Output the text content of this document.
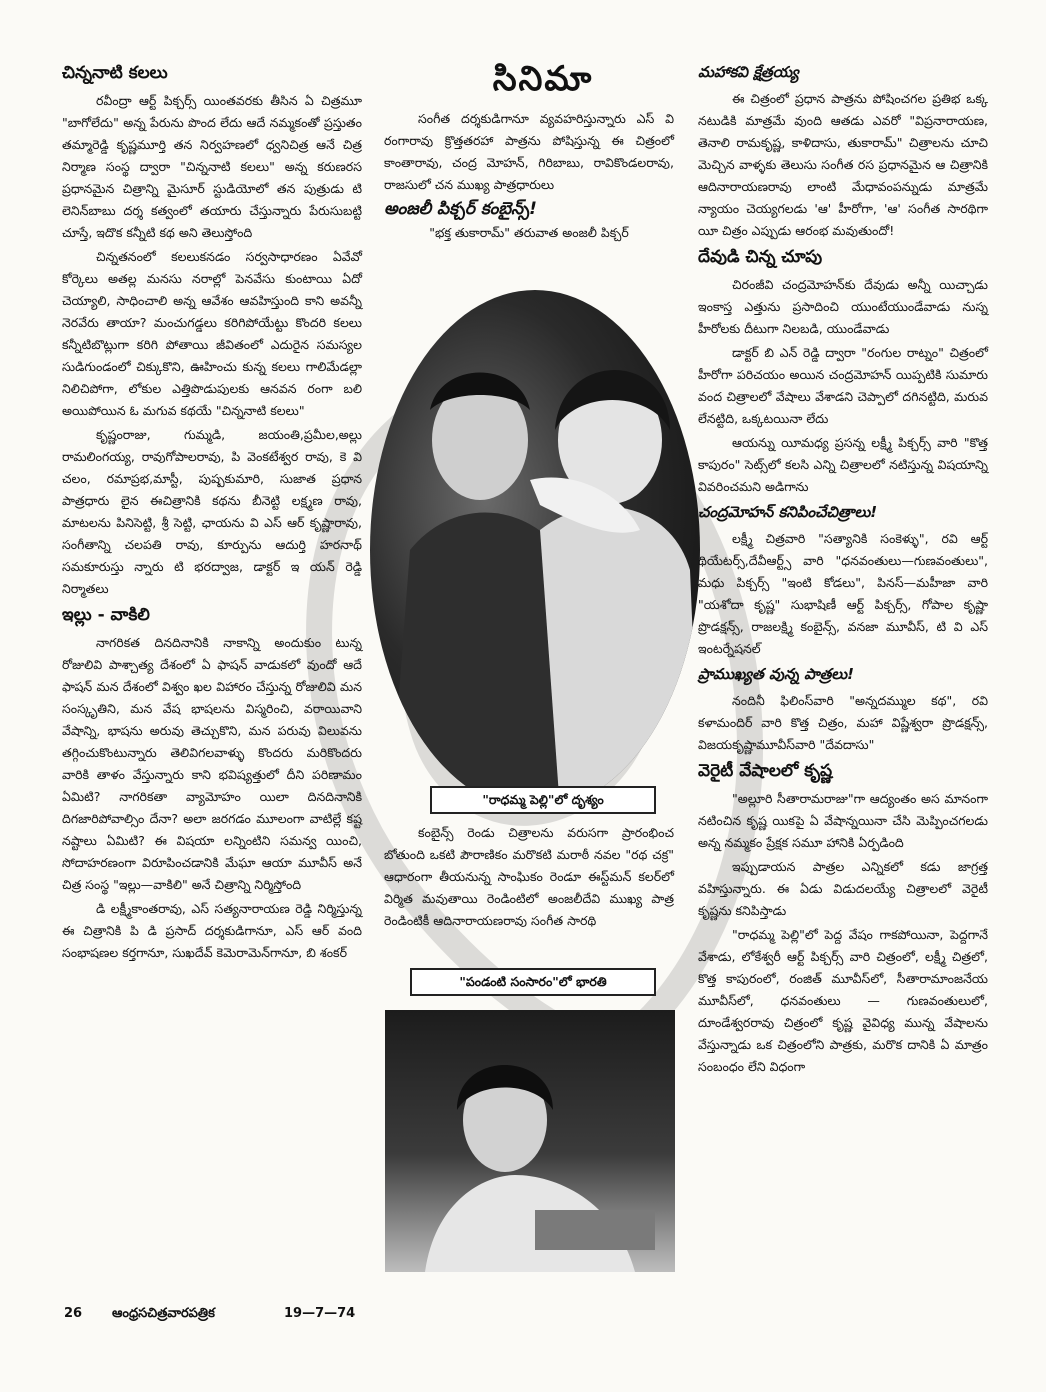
చిన్ననాటి కలలు

రవీంద్రా ఆర్ట్ పిక్చర్స్ యింతవరకు తీసిన ఏ చిత్రమూ "బాగోలేదు" అన్న పేరును పొంద లేదు ఆదే నమ్మకంతో ప్రస్తుతం తమ్మారెడ్డి కృష్ణమూర్తి తన నిర్వహణలో ధ్వనిచిత్ర ఆనే చిత్ర నిర్మాణ సంస్థ ద్వారా "చిన్ననాటి కలలు" అన్న కరుణరస ప్రధానమైన చిత్రాన్ని మైసూర్ స్టుడియోలో తన పుత్రుడు టి లెనిన్‌బాబు దర్శ కత్వంలో తయారు చేస్తున్నారు పేరుసుబట్టి చూస్తే, ఇదొక కన్నీటి కథ అని తెలుస్తోంది

చిన్నతనంలో కలలుకనడం సర్వసాధారణం ఏవేవో కోర్కెలు అతల్ల మనసు నరాల్లో పెనవేసు కుంటాయి ఏదో చెయ్యాలి, సాధించాలి అన్న ఆవేశం ఆవహిస్తుంది కాని అవన్నీ నెరవేరు తాయా? మంచుగడ్డలు కరిగిపోయేట్టు కొందరి కలలు కన్నీటిబొట్లుగా కరిగి పోతాయి జీవితంలో ఎదురైన సమస్యల సుడిగుండంలో చిక్కుకొని, ఊహించు కున్న కలలు గాలిమేడల్లా నిలిచిపోగా, లోకుల ఎత్తిపొడుపులకు ఆనవన రంగా బలి అయిపోయిన ఓ మగువ కథయే "చిన్ననాటి కలలు"

కృష్ణంరాజు, గుమ్మడి, జయంతి,ప్రమీల,అల్లు రామలింగయ్య, రావుగోపాలరావు, పి వెంకటేశ్వర రావు, కె వి చలం, రమాప్రభ,మాస్టీ, పుష్పకుమారి, సుజాత ప్రధాన పాత్రధారు లైన ఈచిత్రానికి కథను బీనెట్టి లక్ష్మణ రావు, మాటలను పినిసెట్టి, శ్రీ సెట్టి, ఛాయను వి ఎస్ ఆర్ కృష్ణారావు, సంగీతాన్ని చలపతి రావు, కూర్పును ఆదుర్తి హరనాథ్ సమకూరుస్తు న్నారు టి భరద్వాజ, డాక్టర్ ఇ యన్ రెడ్డి నిర్మాతలు

ఇల్లు - వాకిలి

నాగరికత దినదినానికి నాకాన్ని అందుకుం టున్న రోజులివి పాశ్చాత్య దేశంలో ఏ ఫాషన్ వాడుకలో వుందో ఆదే ఫాషన్ మన దేశంలో విశ్వం ఖల విహారం చేస్తున్న రోజులివి మన సంస్కృతిని, మన వేష భాషలను విస్మరించి, వరాయివాని వేషాన్ని, భాషను అరువు తెచ్చుకొని, మన పరువు విలువను తగ్గించుకొంటున్నారు తెలివిగలవాళ్ళు కొందరు మరికొందరు వారికి తాళం వేస్తున్నారు కాని భవిష్యత్తులో దీని పరిణామం ఏమిటి? నాగరికతా వ్యామోహం యిలా దినదినానికి దిగజారిపోవాల్సిం దేనా? అలా జరగడం మూలంగా వాటిల్లే కష్ట నష్టాలు ఏమిటి? ఈ విషయా లన్నింటిని సమన్వ యించి, సోదాహరణంగా విరూపించడానికి మేఘా ఆయా మూవీస్ అనే చిత్ర సంస్థ "ఇల్లు—వాకిలి" అనే చిత్రాన్ని నిర్మిస్తోంది

డి లక్ష్మీకాంతరావు, ఎస్ సత్యనారాయణ రెడ్డి నిర్మిస్తున్న ఈ చిత్రానికి పి డి ప్రసాద్ దర్శకుడిగానూ, ఎస్ ఆర్ వంది సంభాషణల కర్తగానూ, సుఖదేవ్ కెమెరామెన్‌గానూ, బి శంకర్

సినిమా

సంగీత దర్శకుడిగానూ వ్యవహరిస్తున్నారు ఎస్ వి రంగారావు క్రొత్తతరహా పాత్రను పోషిస్తున్న ఈ చిత్రంలో కాంతారావు, చంద్ర మోహన్, గిరిబాబు, రావికొండలరావు, రాజసులో చన ముఖ్య పాత్రధారులు

అంజలీ పిక్చర్ కంబైన్స్!

"భక్త తుకారామ్" తరువాత అంజలీ పిక్చర్

"రాధమ్మ పెల్లి"లో దృశ్యం

కంబైన్స్ రెండు చిత్రాలను వరుసగా ప్రారంభించ బోతుంది ఒకటి పౌరాణికం మరొకటి మరాఠీ నవల "రథ చక్ర" ఆధారంగా తీయనున్న సాంఘికం రెండూ ఈస్ట్‌మన్ కలర్‌లో విర్మిత మవుతాయి రెండింటిలో అంజలీదేవి ముఖ్య పాత్ర రెండింటికీ ఆదినారాయణరావు సంగీత సారథి

"పండంటి సంసారం"లో భారతి
మహాకవి క్షేత్రయ్య

ఈ చిత్రంలో ప్రధాన పాత్రను పోషించగల ప్రతిభ ఒక్క నటుడికి మాత్రమే వుంది ఆతడు ఎవరో "విప్రనారాయణ, తెనాలి రామకృష్ణ, కాళిదాసు, తుకారామ్" చిత్రాలను చూచి మెచ్చిన వాళ్ళకు తెలుసు సంగీత రస ప్రధానమైన ఆ చిత్రానికి ఆదినారాయణరావు లాంటి మేధావంపన్నుడు మాత్రమే న్యాయం చెయ్యగలడు 'ఆ' హీరోగా, 'ఆ' సంగీత సారథిగా యీ చిత్రం ఎప్పుడు ఆరంభ మవుతుందో!

దేవుడి చిన్న చూపు

చిరంజీవి చంద్రమోహన్‌కు దేవుడు అన్నీ యిచ్చాడు ఇంకాస్త ఎత్తును ప్రసాదించి యుంటేయుండేవాడు నుస్న హీరోలకు దీటుగా నిలబడి, యుండేవాడు

డాక్టర్ బి ఎన్ రెడ్డి ద్వారా "రంగుల రాట్నం" చిత్రంలో హీరోగా పరిచయం అయిన చంద్రమోహన్ యిప్పటికి సుమారు వంద చిత్రాలలో వేషాలు వేశాడని చెప్పాలో దగినట్టిది, మరువ లేనట్టిది, ఒక్కటయినా లేదు

ఆయన్ను యీమధ్య ప్రసన్న లక్ష్మీ పిక్చర్స్ వారి "కొత్త కాపురం" సెట్స్‌లో కలసి ఎన్ని చిత్రాలలో నటిస్తున్న విషయాన్ని వివరించమని అడిగాను

చంద్రమోహన్ కనిపించేచిత్రాలు!

లక్ష్మీ చిత్రవారి "సత్యానికి సంకెళ్ళు", రవి ఆర్ట్ థియేటర్స్,దేవీఆర్ట్స్ వారి "ధనవంతులు—గుణవంతులు", మధు పిక్చర్స్ "ఇంటి కోడలు", పినస్—మహీజా వారి "యశోదా కృష్ణ" సుభాషిణీ ఆర్ట్ పిక్చర్స్, గోపాల కృష్ణా ప్రొడక్షన్స్, రాజలక్ష్మి కంబైన్స్, వనజా మూవీస్, టి వి ఎస్ ఇంటర్నేషనల్

ప్రాముఖ్యత వున్న పాత్రలు!

నందినీ ఫిలింస్‌వారి "అన్నదమ్ముల కథ", రవి కళామందిర్ వారి కొత్త చిత్రం, మహా విష్ణేశ్వరా ప్రొడక్షన్స్, విజయకృష్ణామూవీస్‌వారి "దేవదాసు"

వెరైటీ వేషాలలో కృష్ణ

"అల్లూరి సీతారామరాజు"గా ఆద్యంతం అస మానంగా నటించిన కృష్ణ యికపై ఏ వేషాన్నయినా చేసి మెప్పించగలడు అన్న నమ్మకం ప్రేక్షక సమూ హానికి ఏర్పడింది

ఇప్పుడాయన పాత్రల ఎన్నికలో కడు జాగ్రత్త వహిస్తున్నారు. ఈ ఏడు విడుదలయ్యే చిత్రాలలో వెరైటీ కృష్ణను కనిపిస్తాడు

"రాధమ్మ పెల్లి"లో పెద్ద వేషం గాకపోయినా, పెద్దగానే వేశాడు, లోకేశ్వరీ ఆర్ట్ పిక్చర్స్ వారి చిత్రంలో, లక్ష్మీ చిత్రలో, కొత్త కాపురంలో, రంజిత్ మూవీస్‌లో, సీతారామాంజనేయ మూవీస్‌లో, ధనవంతులు — గుణవంతులులో, దూండేశ్వరరావు చిత్రంలో కృష్ణ వైవిధ్య మున్న వేషాలను వేస్తున్నాడు ఒక చిత్రంలోని పాత్రకు, మరొక దానికి ఏ మాత్రం సంబంధం లేని విధంగా

26 ఆంధ్రసచిత్రవారపత్రిక	19—7—74
